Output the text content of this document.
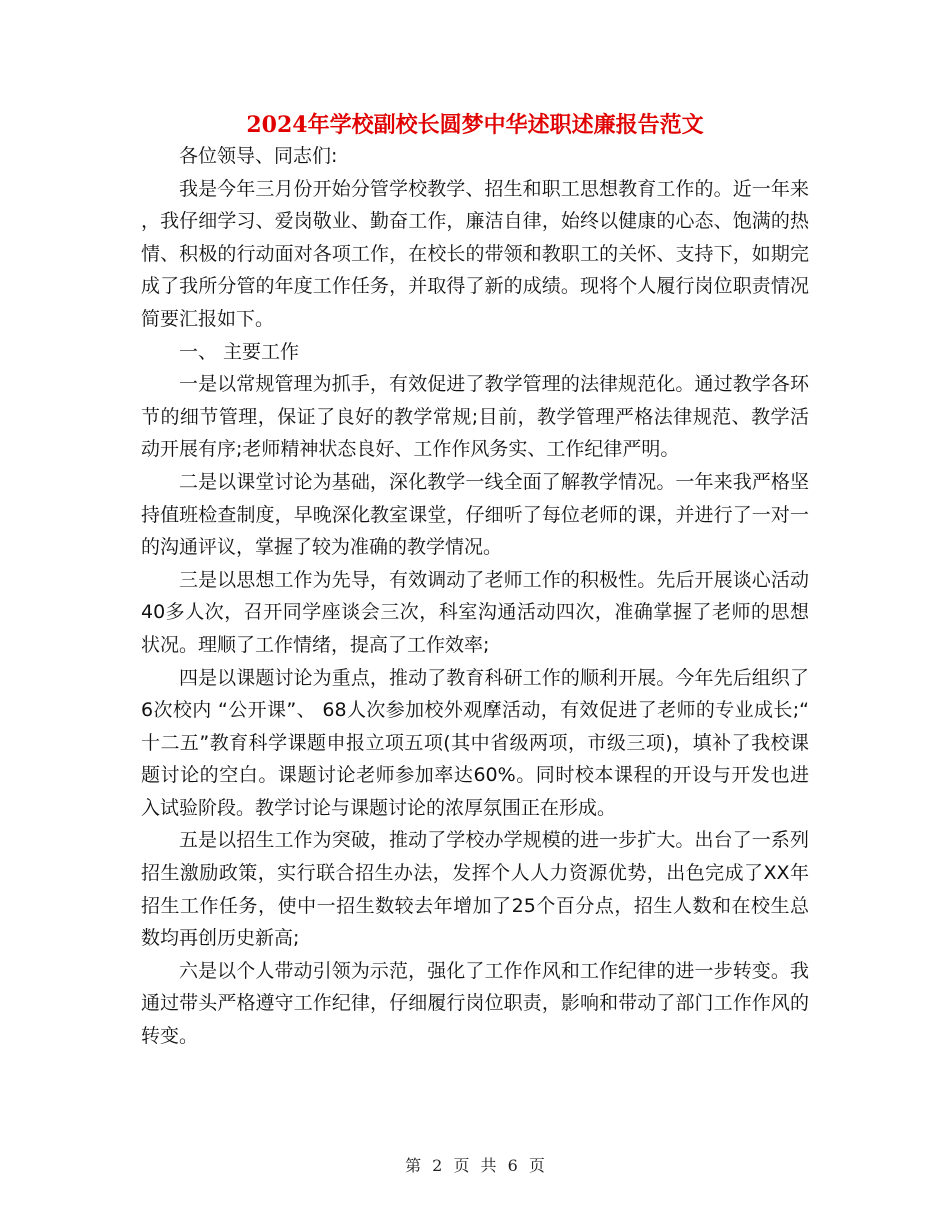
2024年学校副校长圆梦中华述职述廉报告范文

各位领导、同志们:

我是今年三月份开始分管学校教学、招生和职工思想教育工作的。近一年来，我仔细学习、爱岗敬业、勤奋工作，廉洁自律，始终以健康的心态、饱满的热情、积极的行动面对各项工作，在校长的带领和教职工的关怀、支持下，如期完成了我所分管的年度工作任务，并取得了新的成绩。现将个人履行岗位职责情况简要汇报如下。

一、 主要工作

一是以常规管理为抓手，有效促进了教学管理的法律规范化。通过教学各环节的细节管理，保证了良好的教学常规;目前，教学管理严格法律规范、教学活动开展有序;老师精神状态良好、工作作风务实、工作纪律严明。

二是以课堂讨论为基础，深化教学一线全面了解教学情况。一年来我严格坚持值班检查制度，早晚深化教室课堂，仔细听了每位老师的课，并进行了一对一的沟通评议，掌握了较为准确的教学情况。

三是以思想工作为先导，有效调动了老师工作的积极性。先后开展谈心活动40多人次，召开同学座谈会三次，科室沟通活动四次，准确掌握了老师的思想状况。理顺了工作情绪，提高了工作效率;

四是以课题讨论为重点，推动了教育科研工作的顺利开展。今年先后组织了6次校内 “公开课”、 68人次参加校外观摩活动，有效促进了老师的专业成长;“十二五”教育科学课题申报立项五项(其中省级两项，市级三项)，填补了我校课题讨论的空白。课题讨论老师参加率达60%。同时校本课程的开设与开发也进入试验阶段。教学讨论与课题讨论的浓厚氛围正在形成。

五是以招生工作为突破，推动了学校办学规模的进一步扩大。出台了一系列招生激励政策，实行联合招生办法，发挥个人人力资源优势，出色完成了XX年招生工作任务，使中一招生数较去年增加了25个百分点，招生人数和在校生总数均再创历史新高;

六是以个人带动引领为示范，强化了工作作风和工作纪律的进一步转变。我通过带头严格遵守工作纪律，仔细履行岗位职责，影响和带动了部门工作作风的转变。

第 2 页 共 6 页
